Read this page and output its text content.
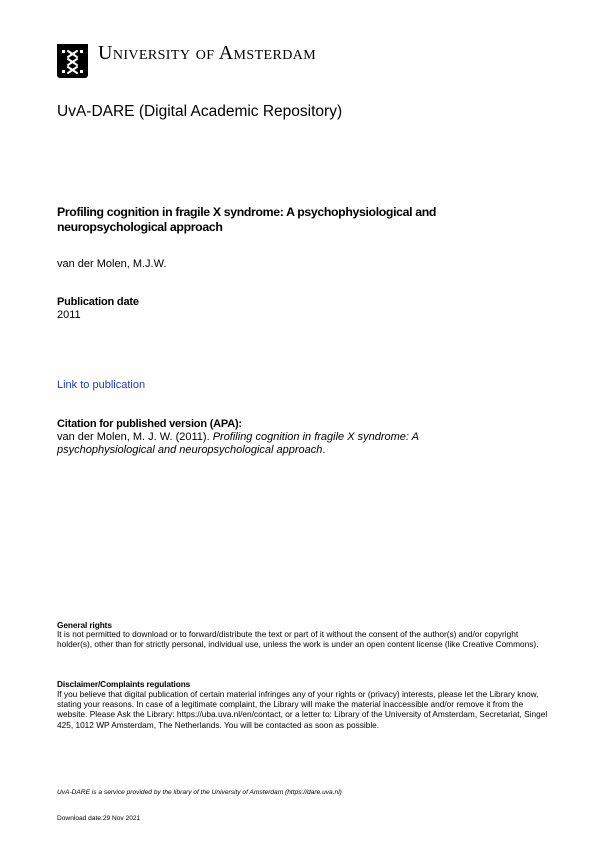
University of Amsterdam
UvA-DARE (Digital Academic Repository)
Profiling cognition in fragile X syndrome: A psychophysiological and neuropsychological approach
van der Molen, M.J.W.
Publication date
2011
Link to publication
Citation for published version (APA):
van der Molen, M. J. W. (2011). Profiling cognition in fragile X syndrome: A psychophysiological and neuropsychological approach.
General rights
It is not permitted to download or to forward/distribute the text or part of it without the consent of the author(s) and/or copyright holder(s), other than for strictly personal, individual use, unless the work is under an open content license (like Creative Commons).
Disclaimer/Complaints regulations
If you believe that digital publication of certain material infringes any of your rights or (privacy) interests, please let the Library know, stating your reasons. In case of a legitimate complaint, the Library will make the material inaccessible and/or remove it from the website. Please Ask the Library: https://uba.uva.nl/en/contact, or a letter to: Library of the University of Amsterdam, Secretariat, Singel 425, 1012 WP Amsterdam, The Netherlands. You will be contacted as soon as possible.
UvA-DARE is a service provided by the library of the University of Amsterdam (https://dare.uva.nl)
Download date:29 Nov 2021
